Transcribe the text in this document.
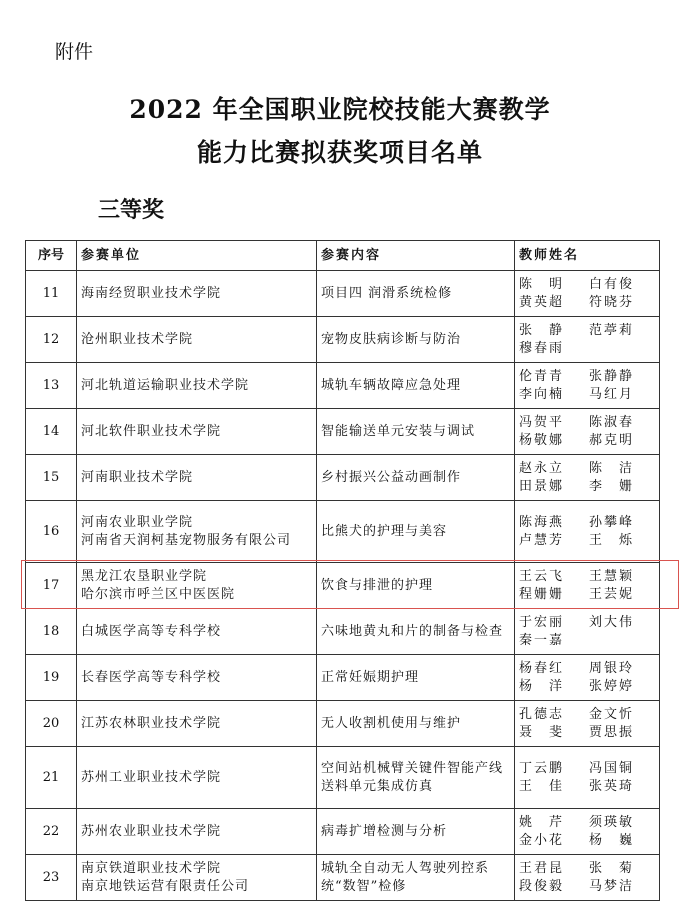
附件
2022 年全国职业院校技能大赛教学
能力比赛拟获奖项目名单
三等奖
序号	参赛单位	参赛内容	教师姓名
11	海南经贸职业技术学院	项目四 润滑系统检修	陈　明 白有俊
黄英超 符晓芬

12	沧州职业技术学院	宠物皮肤病诊断与防治	张　静 范葶莉
穆春雨

13	河北轨道运输职业技术学院	城轨车辆故障应急处理	伦青青 张静静
李向楠 马红月

14	河北软件职业技术学院	智能输送单元安装与调试	冯贺平 陈淑春
杨敬娜 郝克明

15	河南职业技术学院	乡村振兴公益动画制作	赵永立 陈　洁
田景娜 李　姗

16	河南农业职业学院
河南省天润柯基宠物服务有限公司	比熊犬的护理与美容	陈海燕 孙攀峰
卢慧芳 王　烁

17	黑龙江农垦职业学院
哈尔滨市呼兰区中医医院	饮食与排泄的护理	王云飞 王慧颖
程姗姗 王芸妮

18	白城医学高等专科学校	六味地黄丸和片的制备与检查	于宏丽 刘大伟
秦一嘉

19	长春医学高等专科学校	正常妊娠期护理	杨春红 周银玲
杨　洋 张婷婷

20	江苏农林职业技术学院	无人收割机使用与维护	孔德志 金文忻
聂　斐 贾思振

21	苏州工业职业技术学院	空间站机械臂关键件智能产线送料单元集成仿真	丁云鹏 冯国铜
王　佳 张英琦

22	苏州农业职业技术学院	病毒扩增检测与分析	姚　芹 须瑛敏
金小花 杨　巍

23	南京铁道职业技术学院
南京地铁运营有限责任公司	城轨全自动无人驾驶列控系统“数智”检修	王君昆 张　菊
段俊毅 马梦洁
